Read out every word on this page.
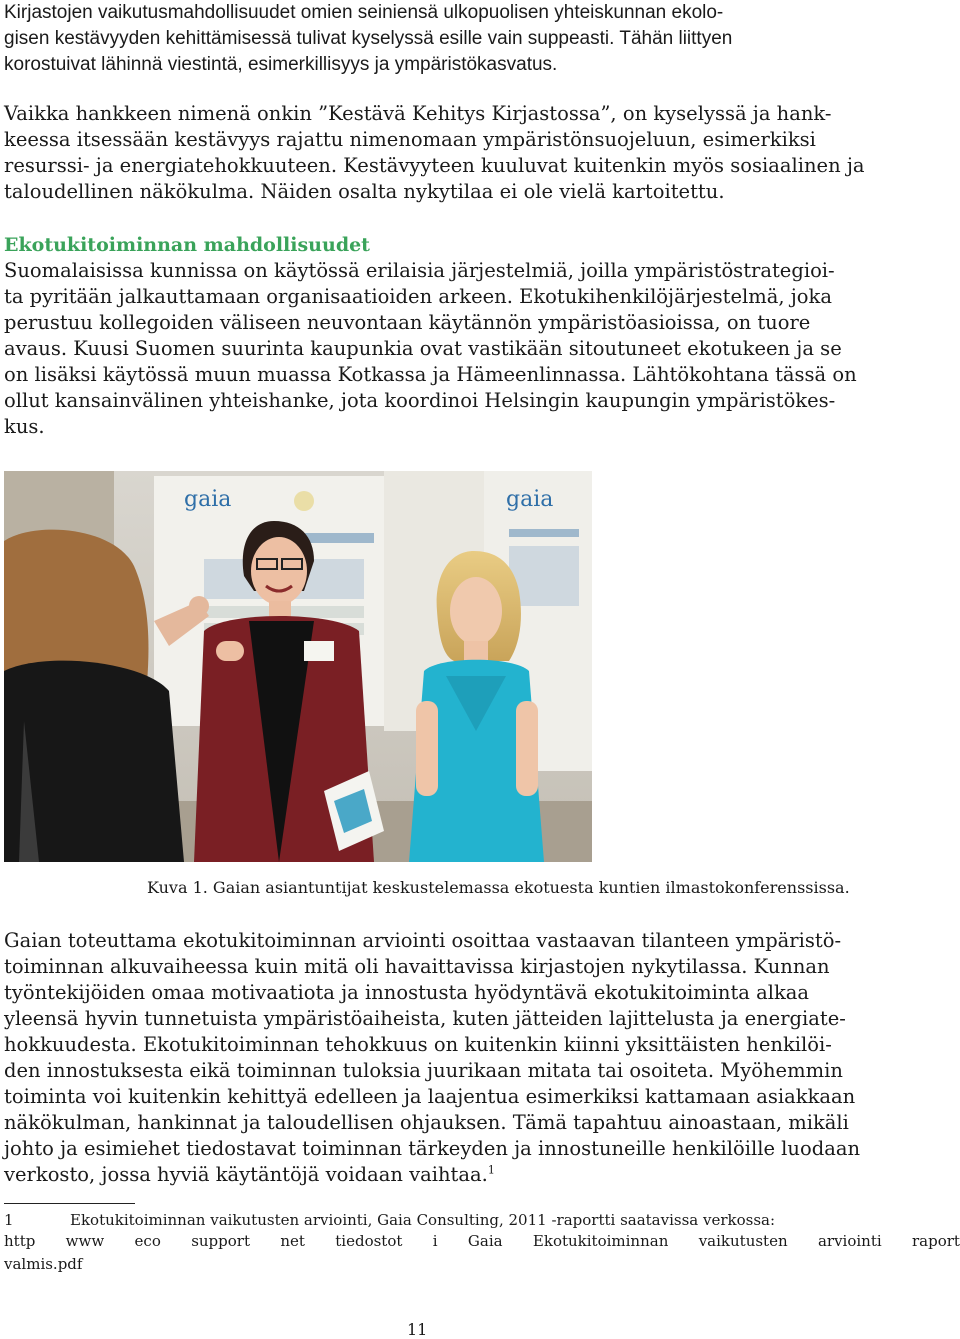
Kirjastojen vaikutusmahdollisuudet omien seiniensä ulkopuolisen yhteiskunnan ekolo-
gisen kestävyyden kehittämisessä tulivat kyselyssä esille vain suppeasti. Tähän liittyen
korostuivat lähinnä viestintä, esimerkillisyys ja ympäristökasvatus.
Vaikka hankkeen nimenä onkin ”Kestävä Kehitys Kirjastossa”, on kyselyssä ja hank-
keessa itsessään kestävyys rajattu nimenomaan ympäristönsuojeluun, esimerkiksi
resurssi- ja energiatehokkuuteen. Kestävyyteen kuuluvat kuitenkin myös sosiaalinen ja
taloudellinen näkökulma. Näiden osalta nykytilaa ei ole vielä kartoitettu.
Ekotukitoiminnan mahdollisuudet
Suomalaisissa kunnissa on käytössä erilaisia järjestelmiä, joilla ympäristöstrategioi-
ta pyritään jalkauttamaan organisaatioiden arkeen. Ekotukihenkilöjärjestelmä, joka
perustuu kollegoiden väliseen neuvontaan käytännön ympäristöasioissa, on tuore
avaus. Kuusi Suomen suurinta kaupunkia ovat vastikään sitoutuneet ekotukeen ja se
on lisäksi käytössä muun muassa Kotkassa ja Hämeenlinnassa. Lähtökohtana tässä on
ollut kansainvälinen yhteishanke, jota koordinoi Helsingin kaupungin ympäristökes-
kus.
gaia	gaia
Kuva 1. Gaian asiantuntijat keskustelemassa ekotuesta kuntien ilmastokonferenssissa.
Gaian toteuttama ekotukitoiminnan arviointi osoittaa vastaavan tilanteen ympäristö-
toiminnan alkuvaiheessa kuin mitä oli havaittavissa kirjastojen nykytilassa. Kunnan
työntekijöiden omaa motivaatiota ja innostusta hyödyntävä ekotukitoiminta alkaa
yleensä hyvin tunnetuista ympäristöaiheista, kuten jätteiden lajittelusta ja energiate-
hokkuudesta. Ekotukitoiminnan tehokkuus on kuitenkin kiinni yksittäisten henkilöi-
den innostuksesta eikä toiminnan tuloksia juurikaan mitata tai osoiteta. Myöhemmin
toiminta voi kuitenkin kehittyä edelleen ja laajentua esimerkiksi kattamaan asiakkaan
näkökulman, hankinnat ja taloudellisen ohjauksen. Tämä tapahtuu ainoastaan, mikäli
johto ja esimiehet tiedostavat toiminnan tärkeyden ja innostuneille henkilöille luodaan
verkosto, jossa hyviä käytäntöjä voidaan vaihtaa.$^1$
1	Ekotukitoiminnan vaikutusten arviointi, Gaia Consulting, 2011 -raportti saatavissa verkossa:
http www eco support net tiedostot i Gaia Ekotukitoiminnan vaikutusten arviointi raport
valmis.pdf
11
